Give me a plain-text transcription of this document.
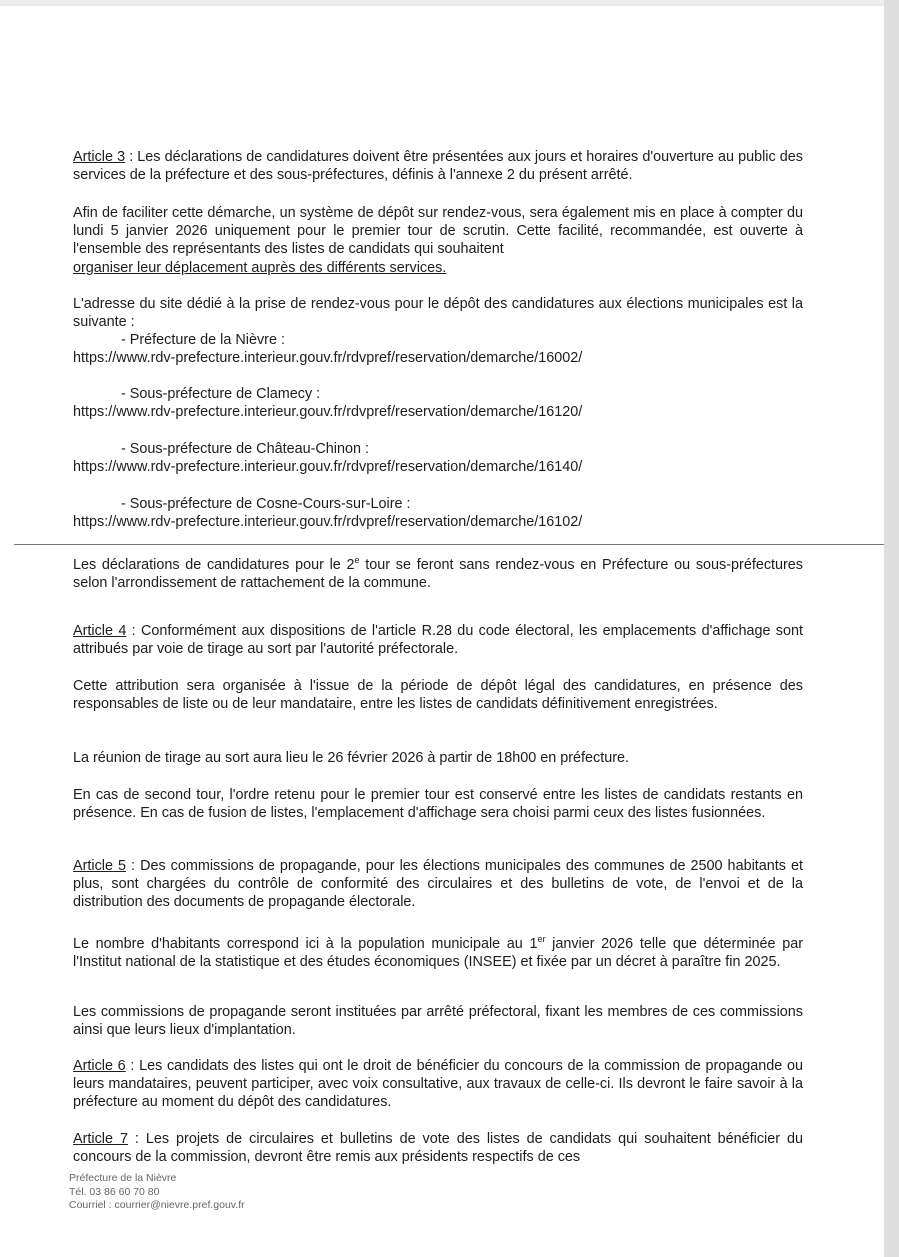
Article 3 : Les déclarations de candidatures doivent être présentées aux jours et horaires d'ouverture au public des services de la préfecture et des sous-préfectures, définis à l'annexe 2 du présent arrêté.
Afin de faciliter cette démarche, un système de dépôt sur rendez-vous, sera également mis en place à compter du lundi 5 janvier 2026 uniquement pour le premier tour de scrutin. Cette facilité, recommandée, est ouverte à l'ensemble des représentants des listes de candidats qui souhaitent
organiser leur déplacement auprès des différents services.
L'adresse du site dédié à la prise de rendez-vous pour le dépôt des candidatures aux élections municipales est la suivante :
- Préfecture de la Nièvre :
https://www.rdv-prefecture.interieur.gouv.fr/rdvpref/reservation/demarche/16002/
- Sous-préfecture de Clamecy :
https://www.rdv-prefecture.interieur.gouv.fr/rdvpref/reservation/demarche/16120/
- Sous-préfecture de Château-Chinon :
https://www.rdv-prefecture.interieur.gouv.fr/rdvpref/reservation/demarche/16140/
- Sous-préfecture de Cosne-Cours-sur-Loire :
https://www.rdv-prefecture.interieur.gouv.fr/rdvpref/reservation/demarche/16102/
Les déclarations de candidatures pour le 2e tour se feront sans rendez-vous en Préfecture ou sous-préfectures selon l'arrondissement de rattachement de la commune.
Article 4 : Conformément aux dispositions de l'article R.28 du code électoral, les emplacements d'affichage sont attribués par voie de tirage au sort par l'autorité préfectorale.
Cette attribution sera organisée à l'issue de la période de dépôt légal des candidatures, en présence des responsables de liste ou de leur mandataire, entre les listes de candidats définitivement enregistrées.
La réunion de tirage au sort aura lieu le 26 février 2026 à partir de 18h00 en préfecture.
En cas de second tour, l'ordre retenu pour le premier tour est conservé entre les listes de candidats restants en présence. En cas de fusion de listes, l'emplacement d'affichage sera choisi parmi ceux des listes fusionnées.
Article 5 : Des commissions de propagande, pour les élections municipales des communes de 2500 habitants et plus, sont chargées du contrôle de conformité des circulaires et des bulletins de vote, de l'envoi et de la distribution des documents de propagande électorale.
Le nombre d'habitants correspond ici à la population municipale au 1er janvier 2026 telle que déterminée par l'Institut national de la statistique et des études économiques (INSEE) et fixée par un décret à paraître fin 2025.
Les commissions de propagande seront instituées par arrêté préfectoral, fixant les membres de ces commissions ainsi que leurs lieux d'implantation.
Article 6 : Les candidats des listes qui ont le droit de bénéficier du concours de la commission de propagande ou leurs mandataires, peuvent participer, avec voix consultative, aux travaux de celle-ci. Ils devront le faire savoir à la préfecture au moment du dépôt des candidatures.
Article 7 : Les projets de circulaires et bulletins de vote des listes de candidats qui souhaitent bénéficier du concours de la commission, devront être remis aux présidents respectifs de ces
Préfecture de la Nièvre
Tél. 03 86 60 70 80
Courriel : courrier@nievre.pref.gouv.fr
